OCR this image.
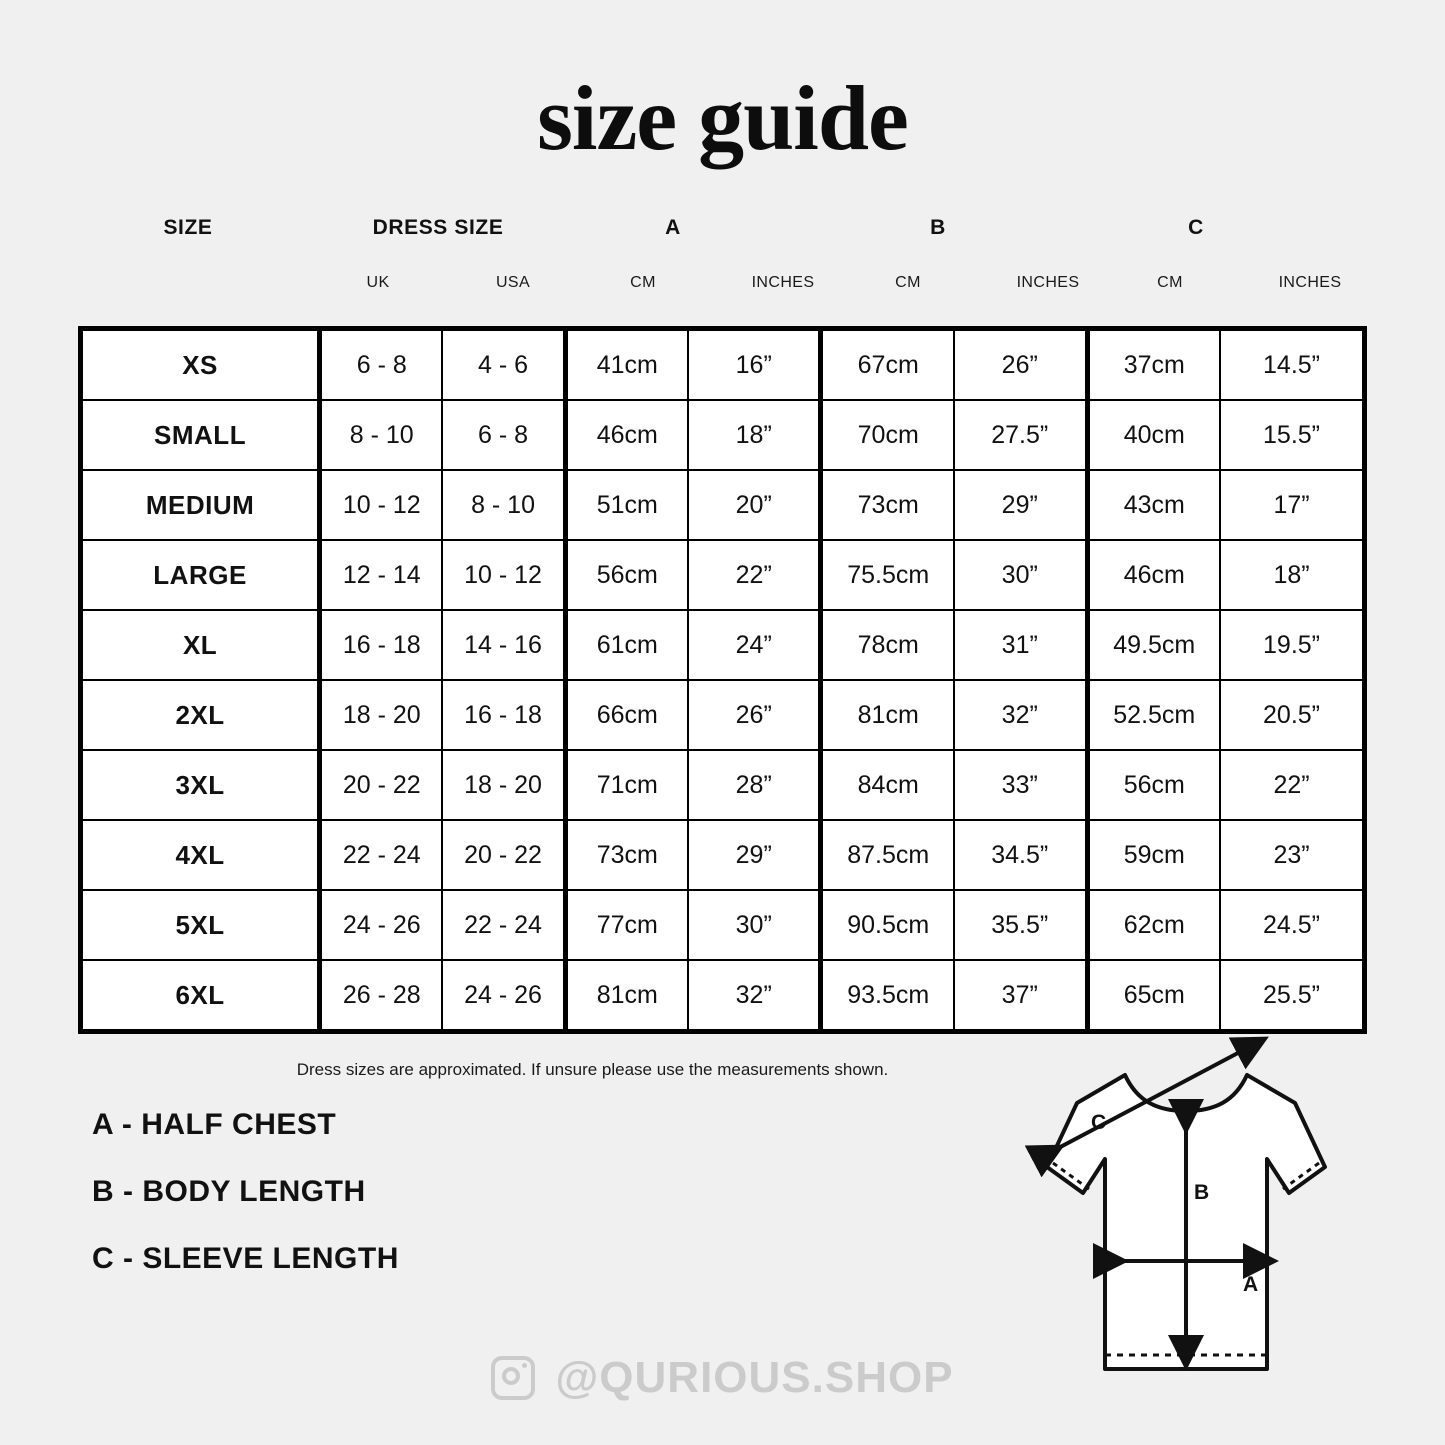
size guide
SIZE	DRESS SIZE	A	B	C
UK	USA	CM	INCHES	CM	INCHES	CM	INCHES
XS	6 - 8	4 - 6	41cm	16”	67cm	26”	37cm	14.5”
SMALL	8 - 10	6 - 8	46cm	18”	70cm	27.5”	40cm	15.5”
MEDIUM	10 - 12	8 - 10	51cm	20”	73cm	29”	43cm	17”
LARGE	12 - 14	10 - 12	56cm	22”	75.5cm	30”	46cm	18”
XL	16 - 18	14 - 16	61cm	24”	78cm	31”	49.5cm	19.5”
2XL	18 - 20	16 - 18	66cm	26”	81cm	32”	52.5cm	20.5”
3XL	20 - 22	18 - 20	71cm	28”	84cm	33”	56cm	22”
4XL	22 - 24	20 - 22	73cm	29”	87.5cm	34.5”	59cm	23”
5XL	24 - 26	22 - 24	77cm	30”	90.5cm	35.5”	62cm	24.5”
6XL	26 - 28	24 - 26	81cm	32”	93.5cm	37”	65cm	25.5”
Dress sizes are approximated. If unsure please use the measurements shown.
A - HALF CHEST
B - BODY LENGTH
C - SLEEVE LENGTH
@QURIOUS.SHOP
C
B
A
